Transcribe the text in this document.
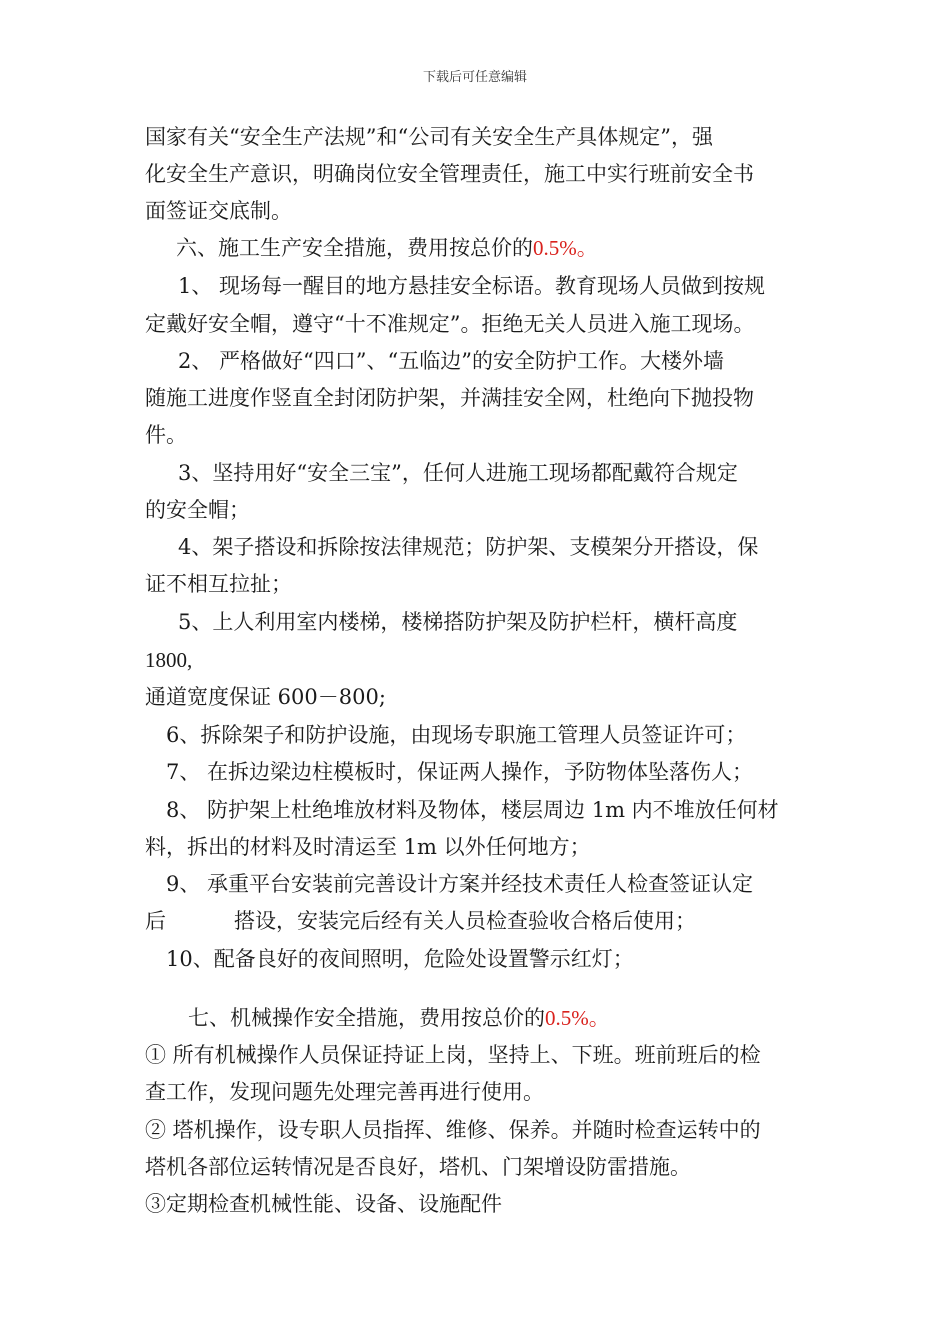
下载后可任意编辑
国家有关“安全生产法规”和“公司有关安全生产具体规定”，强
化安全生产意识，明确岗位安全管理责任，施工中实行班前安全书
面签证交底制。
六、施工生产安全措施，费用按总价的0.5%。
1、 现场每一醒目的地方悬挂安全标语。教育现场人员做到按规
定戴好安全帽，遵守“十不准规定”。拒绝无关人员进入施工现场。
2、 严格做好“四口”、“五临边”的安全防护工作。大楼外墙
随施工进度作竖直全封闭防护架，并满挂安全网，杜绝向下抛投物
件。
3、坚持用好“安全三宝”，任何人进施工现场都配戴符合规定
的安全帽；
4、架子搭设和拆除按法律规范；防护架、支模架分开搭设，保
证不相互拉扯；
5、上人利用室内楼梯，楼梯搭防护架及防护栏杆，横杆高度
1800,
通道宽度保证 600－800;
6、拆除架子和防护设施，由现场专职施工管理人员签证许可；
7、 在拆边梁边柱模板时，保证两人操作，予防物体坠落伤人；
8、 防护架上杜绝堆放材料及物体，楼层周边 1m 内不堆放任何材
料，拆出的材料及时清运至 1m 以外任何地方；
9、 承重平台安装前完善设计方案并经技术责任人检查签证认定
后	搭设，安装完后经有关人员检查验收合格后使用；
10、配备良好的夜间照明，危险处设置警示红灯；
七、机械操作安全措施，费用按总价的0.5%。
① 所有机械操作人员保证持证上岗，坚持上、下班。班前班后的检
查工作，发现问题先处理完善再进行使用。
② 塔机操作，设专职人员指挥、维修、保养。并随时检查运转中的
塔机各部位运转情况是否良好，塔机、门架增设防雷措施。
③定期检查机械性能、设备、设施配件
